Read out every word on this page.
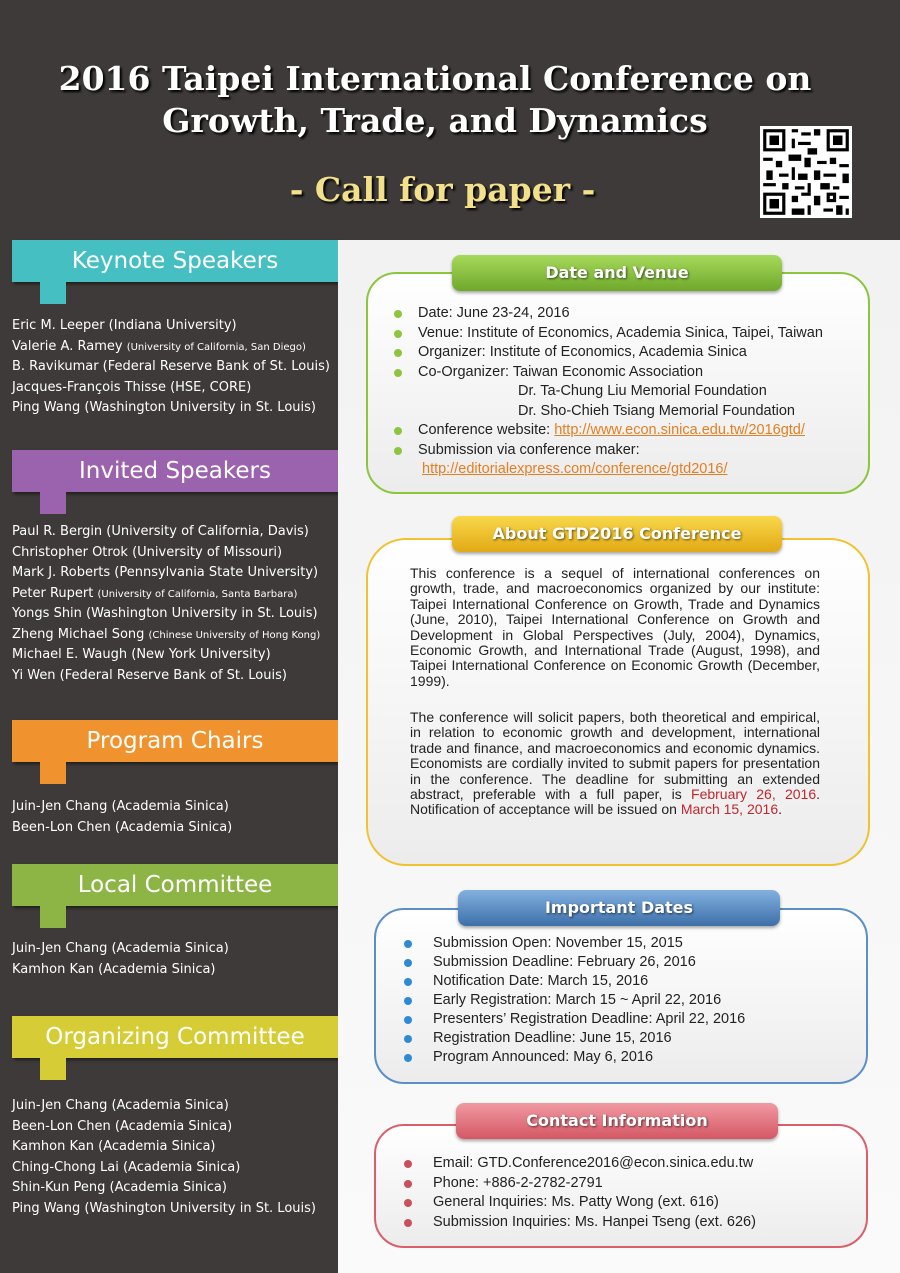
2016 Taipei International Conference on
Growth, Trade, and Dynamics
- Call for paper -
Keynote Speakers
Eric M. Leeper (Indiana University)
Valerie A. Ramey (University of California, San Diego)
B. Ravikumar (Federal Reserve Bank of St. Louis)
Jacques-François Thisse (HSE, CORE)
Ping Wang (Washington University in St. Louis)
Invited Speakers
Paul R. Bergin (University of California, Davis)
Christopher Otrok (University of Missouri)
Mark J. Roberts (Pennsylvania State University)
Peter Rupert (University of California, Santa Barbara)
Yongs Shin (Washington University in St. Louis)
Zheng Michael Song (Chinese University of Hong Kong)
Michael E. Waugh (New York University)
Yi Wen (Federal Reserve Bank of St. Louis)
Program Chairs
Juin-Jen Chang (Academia Sinica)
Been-Lon Chen (Academia Sinica)
Local Committee
Juin-Jen Chang (Academia Sinica)
Kamhon Kan (Academia Sinica)
Organizing Committee
Juin-Jen Chang (Academia Sinica)
Been-Lon Chen (Academia Sinica)
Kamhon Kan (Academia Sinica)
Ching-Chong Lai (Academia Sinica)
Shin-Kun Peng (Academia Sinica)
Ping Wang (Washington University in St. Louis)
Date and Venue
Date: June 23-24, 2016
Venue: Institute of Economics, Academia Sinica, Taipei, Taiwan
Organizer: Institute of Economics, Academia Sinica
Co-Organizer: Taiwan Economic Association
Dr. Ta-Chung Liu Memorial Foundation
Dr. Sho-Chieh Tsiang Memorial Foundation
Conference website: http://www.econ.sinica.edu.tw/2016gtd/
Submission via conference maker:
http://editorialexpress.com/conference/gtd2016/
About GTD2016 Conference
This conference is a sequel of international conferences on growth, trade, and macroeconomics organized by our institute: Taipei International Conference on Growth, Trade and Dynamics (June, 2010), Taipei International Conference on Growth and Development in Global Perspectives (July, 2004), Dynamics, Economic Growth, and International Trade (August, 1998), and Taipei International Conference on Economic Growth (December, 1999).
The conference will solicit papers, both theoretical and empirical, in relation to economic growth and development, international trade and finance, and macroeconomics and economic dynamics. Economists are cordially invited to submit papers for presentation in the conference. The deadline for submitting an extended abstract, preferable with a full paper, is February 26, 2016. Notification of acceptance will be issued on March 15, 2016.
Important Dates
Submission Open: November 15, 2015
Submission Deadline: February 26, 2016
Notification Date: March 15, 2016
Early Registration: March 15 ~ April 22, 2016
Presenters’ Registration Deadline: April 22, 2016
Registration Deadline: June 15, 2016
Program Announced: May 6, 2016
Contact Information
Email: GTD.Conference2016@econ.sinica.edu.tw
Phone: +886-2-2782-2791
General Inquiries: Ms. Patty Wong (ext. 616)
Submission Inquiries: Ms. Hanpei Tseng (ext. 626)
